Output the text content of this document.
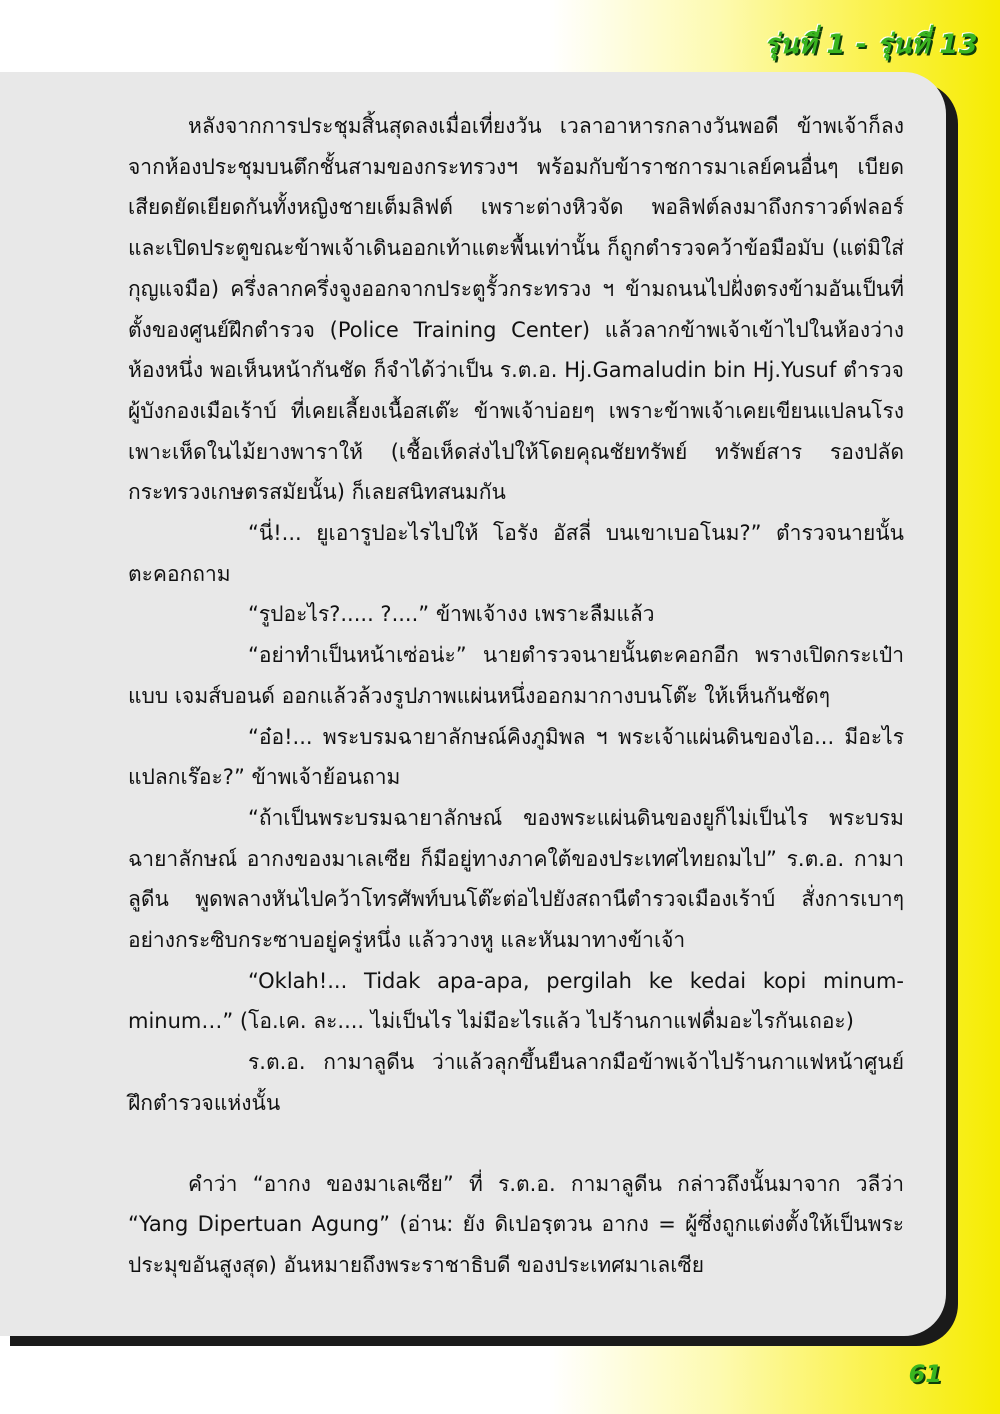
รุ่นที่ 1 - รุ่นที่ 13

หลังจากการประชุมสิ้นสุดลงเมื่อเที่ยงวัน เวลาอาหารกลางวันพอดี ข้าพเจ้าก็ลงจากห้องประชุมบนตึกชั้นสามของกระทรวงฯ พร้อมกับข้าราชการมาเลย์คนอื่นๆ เบียดเสียดยัดเยียดกันทั้งหญิงชายเต็มลิฟต์ เพราะต่างหิวจัด พอลิฟต์ลงมาถึงกราวด์ฟลอร์ และเปิดประตูขณะข้าพเจ้าเดินออกเท้าแตะพื้นเท่านั้น ก็ถูกตำรวจคว้าข้อมือมับ (แต่มิใส่กุญแจมือ) ครึ่งลากครึ่งจูงออกจากประตูรั้วกระทรวง ฯ ข้ามถนนไปฝั่งตรงข้ามอันเป็นที่ตั้งของศูนย์ฝึกตำรวจ (Police Training Center) แล้วลากข้าพเจ้าเข้าไปในห้องว่างห้องหนึ่ง พอเห็นหน้ากันชัด ก็จำได้ว่าเป็น ร.ต.อ. Hj.Gamaludin bin Hj.Yusuf ตำรวจผู้บังกองเมือเร้าบ์ ที่เคยเลี้ยงเนื้อสเต๊ะ ข้าพเจ้าบ่อยๆ เพราะข้าพเจ้าเคยเขียนแปลนโรงเพาะเห็ดในไม้ยางพาราให้ (เชื้อเห็ดส่งไปให้โดยคุณชัยทรัพย์ ทรัพย์สาร รองปลัดกระทรวงเกษตรสมัยนั้น) ก็เลยสนิทสนมกัน

“นี่!... ยูเอารูปอะไรไปให้ โอรัง อัสลี่ บนเขาเบอโนม?” ตำรวจนายนั้นตะคอกถาม

“รูปอะไร?..... ?....” ข้าพเจ้างง เพราะลืมแล้ว

“อย่าทำเป็นหน้าเซ่อน่ะ” นายตำรวจนายนั้นตะคอกอีก พรางเปิดกระเป๋าแบบ เจมส์บอนด์ ออกแล้วล้วงรูปภาพแผ่นหนึ่งออกมากางบนโต๊ะ ให้เห็นกันชัดๆ

“อ๋อ!... พระบรมฉายาลักษณ์คิงภูมิพล ฯ พระเจ้าแผ่นดินของไอ... มีอะไรแปลกเร๊อะ?” ข้าพเจ้าย้อนถาม

“ถ้าเป็นพระบรมฉายาลักษณ์ ของพระแผ่นดินของยูก็ไม่เป็นไร พระบรมฉายาลักษณ์ อากงของมาเลเซีย ก็มีอยู่ทางภาคใต้ของประเทศไทยถมไป” ร.ต.อ. กามาลูดีน พูดพลางหันไปคว้าโทรศัพท์บนโต๊ะต่อไปยังสถานีตำรวจเมืองเร้าบ์ สั่งการเบาๆอย่างกระซิบกระซาบอยู่ครู่หนึ่ง แล้ววางหู และหันมาทางข้าเจ้า

“Oklah!... Tidak apa-apa, pergilah ke kedai kopi minum-minum…” (โอ.เค. ละ.... ไม่เป็นไร ไม่มีอะไรแล้ว ไปร้านกาแฟดื่มอะไรกันเถอะ)

ร.ต.อ. กามาลูดีน ว่าแล้วลุกขึ้นยืนลากมือข้าพเจ้าไปร้านกาแฟหน้าศูนย์ฝึกตำรวจแห่งนั้น

คำว่า “อากง ของมาเลเซีย” ที่ ร.ต.อ. กามาลูดีน กล่าวถึงนั้นมาจาก วลีว่า “Yang Dipertuan Agung” (อ่าน: ยัง ดิเปอรฺตวน อากง = ผู้ซึ่งถูกแต่งตั้งให้เป็นพระประมุขอันสูงสุด) อันหมายถึงพระราชาธิบดี ของประเทศมาเลเซีย

61
